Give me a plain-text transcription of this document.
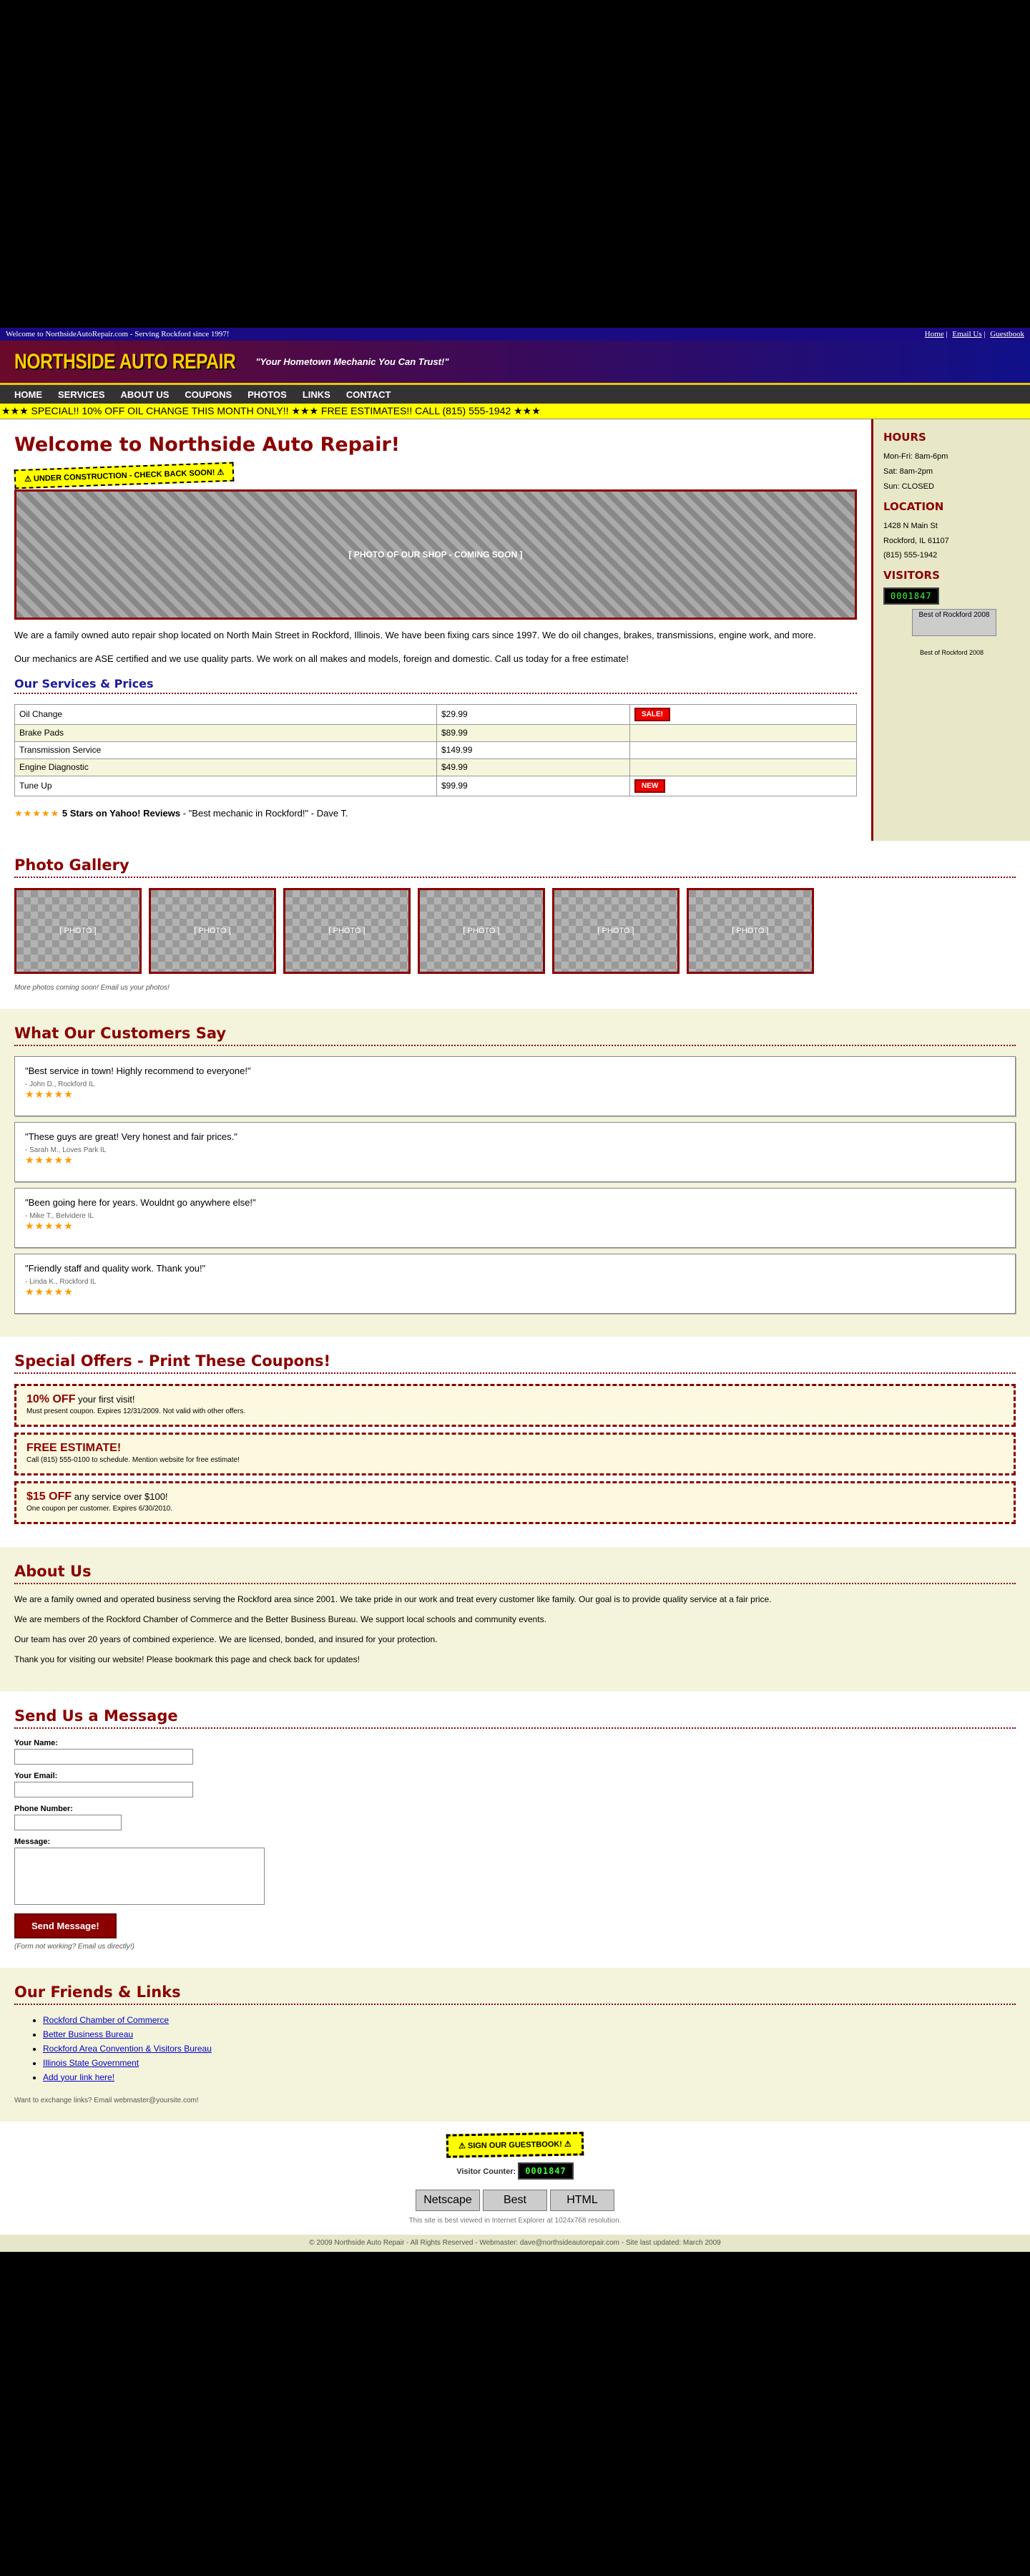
Welcome to NorthsideAutoRepair.com - Serving Rockford since 1997!	Home | Email Us | Guestbook
NORTHSIDE AUTO REPAIR "Your Hometown Mechanic You Can Trust!"
HOME SERVICES ABOUT US COUPONS PHOTOS LINKS CONTACT
★★★ SPECIAL!! 10% OFF OIL CHANGE THIS MONTH ONLY!! ★★★ FREE ESTIMATES!! CALL (815) 555-1942 ★★★
Welcome to Northside Auto Repair!
⚠ UNDER CONSTRUCTION - CHECK BACK SOON! ⚠
[ PHOTO OF OUR SHOP - COMING SOON ]

We are a family owned auto repair shop located on North Main Street in Rockford, Illinois. We have been fixing cars since 1997. We do oil changes, brakes, transmissions, engine work, and more.

Our mechanics are ASE certified and we use quality parts. We work on all makes and models, foreign and domestic. Call us today for a free estimate!

Our Services & Prices
Oil Change	$29.99	SALE!
Brake Pads	$89.99	
Transmission Service	$149.99	
Engine Diagnostic	$49.99	
Tune Up	$99.99	NEW
★★★★★ 5 Stars on Yahoo! Reviews - "Best mechanic in Rockford!" - Dave T.
HOURS
Mon-Fri: 8am-6pm
Sat: 8am-2pm
Sun: CLOSED
LOCATION
1428 N Main St
Rockford, IL 61107
(815) 555-1942
VISITORS
0001847
Best of Rockford 2008
Best of Rockford 2008
Photo Gallery
[ PHOTO ]	[ PHOTO ]	[ PHOTO ]	[ PHOTO ]	[ PHOTO ]	[ PHOTO ]
More photos coming soon! Email us your photos!
What Our Customers Say
"Best service in town! Highly recommend to everyone!"
- John D., Rockford IL
★★★★★
"These guys are great! Very honest and fair prices."
- Sarah M., Loves Park IL
★★★★★
"Been going here for years. Wouldnt go anywhere else!"
- Mike T., Belvidere IL
★★★★★
"Friendly staff and quality work. Thank you!"
- Linda K., Rockford IL
★★★★★
Special Offers - Print These Coupons!
10% OFF your first visit!
Must present coupon. Expires 12/31/2009. Not valid with other offers.
FREE ESTIMATE!
Call (815) 555-0100 to schedule. Mention website for free estimate!
$15 OFF any service over $100!
One coupon per customer. Expires 6/30/2010.
About Us

We are a family owned and operated business serving the Rockford area since 2001. We take pride in our work and treat every customer like family. Our goal is to provide quality service at a fair price.

We are members of the Rockford Chamber of Commerce and the Better Business Bureau. We support local schools and community events.

Our team has over 20 years of combined experience. We are licensed, bonded, and insured for your protection.

Thank you for visiting our website! Please bookmark this page and check back for updates!

Send Us a Message
Your Name:
Your Email:
Phone Number:
Message:
Send Message!
(Form not working? Email us directly!)
Our Friends & Links
• Rockford Chamber of Commerce
• Better Business Bureau
• Rockford Area Convention & Visitors Bureau
• Illinois State Government
• Add your link here!
Want to exchange links? Email webmaster@yoursite.com!
⚠ SIGN OUR GUESTBOOK! ⚠
Visitor Counter: 0001847
Netscape	Best	HTML
This site is best viewed in Internet Explorer at 1024x768 resolution.
© 2009 Northside Auto Repair - All Rights Reserved - Webmaster: dave@northsideautorepair.com - Site last updated: March 2009
